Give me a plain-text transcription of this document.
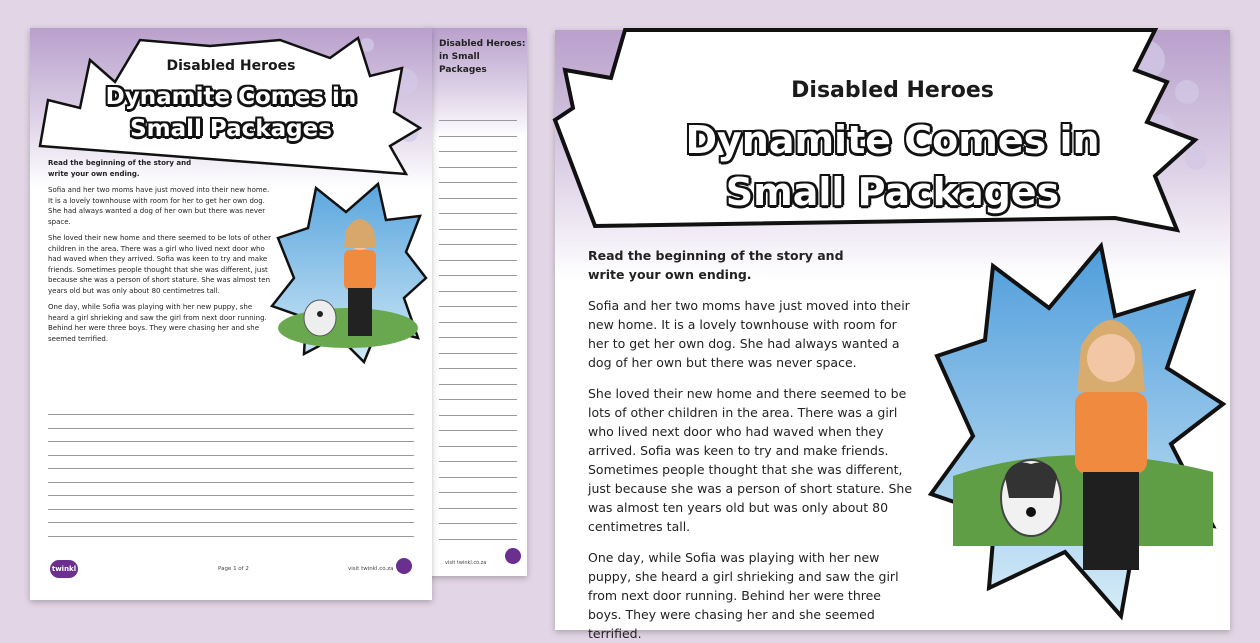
Disabled Heroes:
in Small Packages
visit twinkl.co.za
Disabled Heroes
Dynamite Comes in
Small Packages

Read the beginning of the story and
write your own ending.

Sofia and her two moms have just moved into their new home. It is a lovely townhouse with room for her to get her own dog. She had always wanted a dog of her own but there was never space.

She loved their new home and there seemed to be lots of other children in the area. There was a girl who lived next door who had waved when they arrived. Sofia was keen to try and make friends. Sometimes people thought that she was different, just because she was a person of short stature. She was almost ten years old but was only about 80 centimetres tall.

One day, while Sofia was playing with her new puppy, she heard a girl shrieking and saw the girl from next door running. Behind her were three boys. They were chasing her and she seemed terrified.

twinkl	Page 1 of 2	visit twinkl.co.za
Disabled Heroes
Dynamite Comes in
Small Packages

Read the beginning of the story and
write your own ending.

Sofia and her two moms have just moved into their new home. It is a lovely townhouse with room for her to get her own dog. She had always wanted a dog of her own but there was never space.

She loved their new home and there seemed to be lots of other children in the area. There was a girl who lived next door who had waved when they arrived. Sofia was keen to try and make friends. Sometimes people thought that she was different, just because she was a person of short stature. She was almost ten years old but was only about 80 centimetres tall.

One day, while Sofia was playing with her new puppy, she heard a girl shrieking and saw the girl from next door running. Behind her were three boys. They were chasing her and she seemed terrified.
